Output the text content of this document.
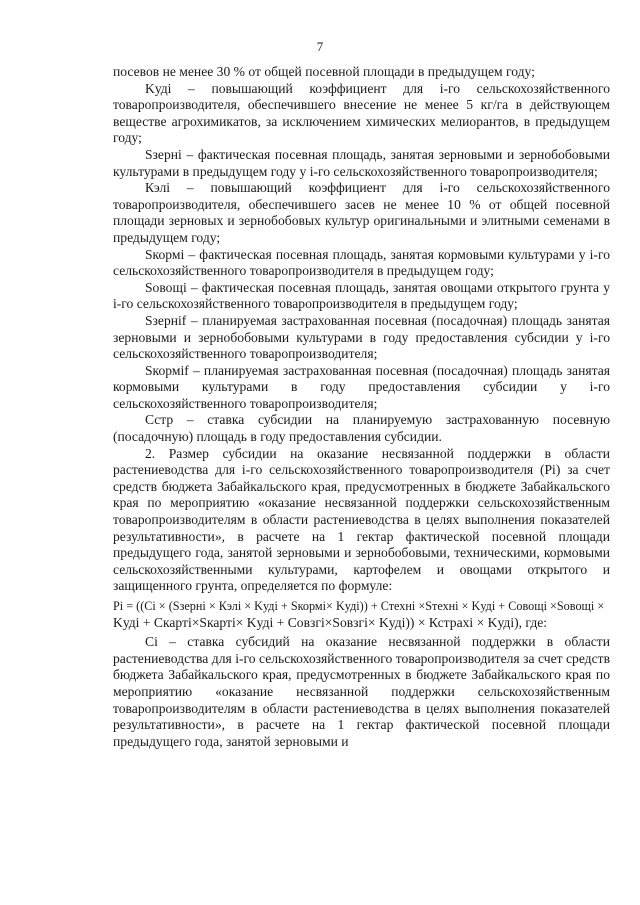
7

посевов не менее 30 % от общей посевной площади в предыдущем году;

Kудi – повышающий коэффициент для i-го сельскохозяйственного товаропроизводителя, обеспечившего внесение не менее 5 кг/га в действующем веществе агрохимикатов, за исключением химических мелиорантов, в предыдущем году;

Sзернi – фактическая посевная площадь, занятая зерновыми и зернобобовыми культурами в предыдущем году у i-го сельскохозяйственного товаропроизводителя;

Кэлi – повышающий коэффициент для i-го сельскохозяйственного товаропроизводителя, обеспечившего засев не менее 10 % от общей посевной площади зерновых и зернобобовых культур оригинальными и элитными семенами в предыдущем году;

Sкормi – фактическая посевная площадь, занятая кормовыми культурами у i-го сельскохозяйственного товаропроизводителя в предыдущем году;

Sовощi – фактическая посевная площадь, занятая овощами открытого грунта у i-го сельскохозяйственного товаропроизводителя в предыдущем году;

Sзернif – планируемая застрахованная посевная (посадочная) площадь занятая зерновыми и зернобобовыми культурами в году предоставления субсидии у i-го сельскохозяйственного товаропроизводителя;

Sкормif – планируемая застрахованная посевная (посадочная) площадь занятая кормовыми культурами в году предоставления субсидии у i-го сельскохозяйственного товаропроизводителя;

Сстр – ставка субсидии на планируемую застрахованную посевную (посадочную) площадь в году предоставления субсидии.

2. Размер субсидии на оказание несвязанной поддержки в области растениеводства для i-го сельскохозяйственного товаропроизводителя (Pi) за счет средств бюджета Забайкальского края, предусмотренных в бюджете Забайкальского края по мероприятию «оказание несвязанной поддержки сельскохозяйственным товаропроизводителям в области растениеводства в целях выполнения показателей результативности», в расчете на 1 гектар фактической посевной площади предыдущего года, занятой зерновыми и зернобобовыми, техническими, кормовыми сельскохозяйственными культурами, картофелем и овощами открытого и защищенного грунта, определяется по формуле:

Pi = ((Ci × (Sзернi × Кэлi × Kудi + Sкормi× Kудi)) + Стехнi ×Sтехнi × Kудi + Совощi ×Sовощi ×
Kудi + Скартi×Sкартi× Kудi + Совзгi×Sовзгi× Kудi)) × Кстрахi × Kудi), где:

Ci – ставка субсидий на оказание несвязанной поддержки в области растениеводства для i-го сельскохозяйственного товаропроизводителя за счет средств бюджета Забайкальского края, предусмотренных в бюджете Забайкальского края по мероприятию «оказание несвязанной поддержки сельскохозяйственным товаропроизводителям в области растениеводства в целях выполнения показателей результативности», в расчете на 1 гектар фактической посевной площади предыдущего года, занятой зерновыми и
